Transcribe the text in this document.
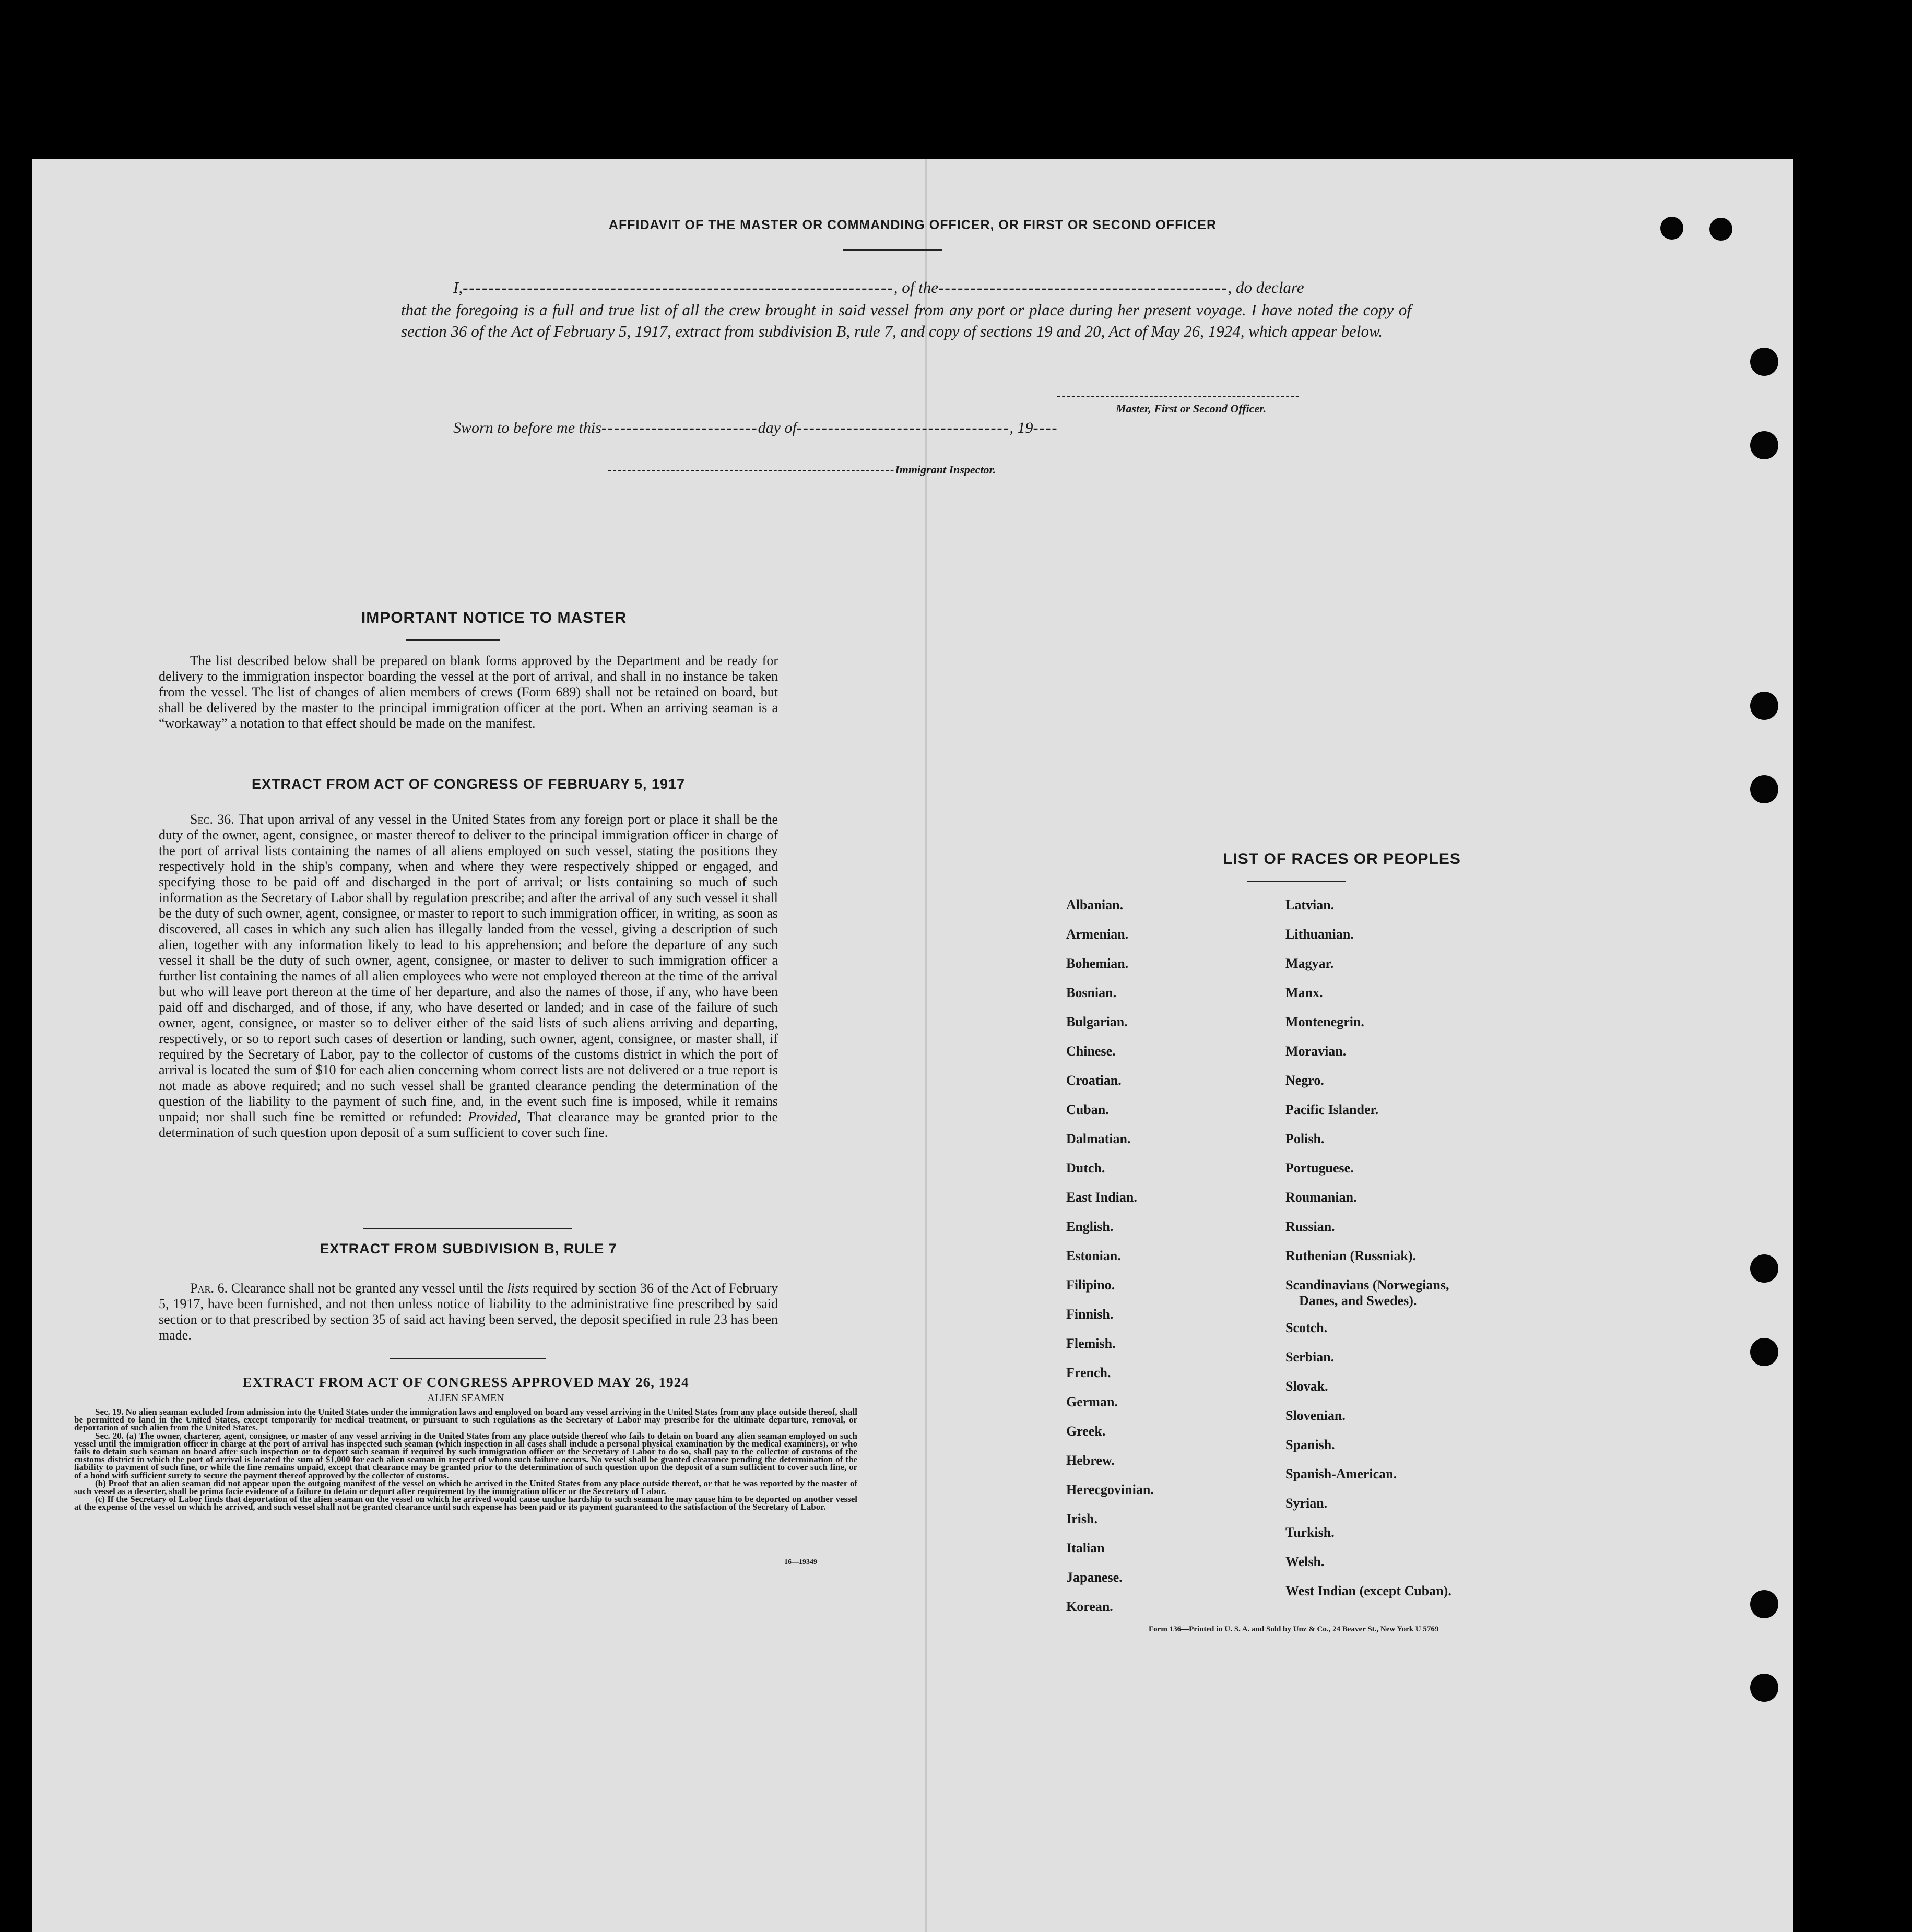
AFFIDAVIT OF THE MASTER OR COMMANDING OFFICER, OR FIRST OR SECOND OFFICER
I,-------------------------------------------------------------------, of the---------------------------------------------, do declare

that the foregoing is a full and true list of all the crew brought in said vessel from any port or place during her present voyage. I have noted the copy of section 36 of the Act of February 5, 1917, extract from subdivision B, rule 7, and copy of sections 19 and 20, Act of May 26, 1924, which appear below.

--------------------------------------------------
Master, First or Second Officer.
Sworn to before me this-------------------------day of----------------------------------, 19----
-----------------------------------------------------------Immigrant Inspector.
IMPORTANT NOTICE TO MASTER

The list described below shall be prepared on blank forms approved by the Department and be ready for delivery to the immigration inspector boarding the vessel at the port of arrival, and shall in no instance be taken from the vessel. The list of changes of alien members of crews (Form 689) shall not be retained on board, but shall be delivered by the master to the principal immigration officer at the port. When an arriving seaman is a “workaway” a notation to that effect should be made on the manifest.

EXTRACT FROM ACT OF CONGRESS OF FEBRUARY 5, 1917

Sec. 36. That upon arrival of any vessel in the United States from any foreign port or place it shall be the duty of the owner, agent, consignee, or master thereof to deliver to the principal immigration officer in charge of the port of arrival lists containing the names of all aliens employed on such vessel, stating the positions they respectively hold in the ship's company, when and where they were respectively shipped or engaged, and specifying those to be paid off and discharged in the port of arrival; or lists containing so much of such information as the Secretary of Labor shall by regulation prescribe; and after the arrival of any such vessel it shall be the duty of such owner, agent, consignee, or master to report to such immigration officer, in writing, as soon as discovered, all cases in which any such alien has illegally landed from the vessel, giving a description of such alien, together with any information likely to lead to his apprehension; and before the departure of any such vessel it shall be the duty of such owner, agent, consignee, or master to deliver to such immigration officer a further list containing the names of all alien employees who were not employed thereon at the time of the arrival but who will leave port thereon at the time of her departure, and also the names of those, if any, who have been paid off and discharged, and of those, if any, who have deserted or landed; and in case of the failure of such owner, agent, consignee, or master so to deliver either of the said lists of such aliens arriving and departing, respectively, or so to report such cases of desertion or landing, such owner, agent, consignee, or master shall, if required by the Secretary of Labor, pay to the collector of customs of the customs district in which the port of arrival is located the sum of $10 for each alien concerning whom correct lists are not delivered or a true report is not made as above required; and no such vessel shall be granted clearance pending the determination of the question of the liability to the payment of such fine, and, in the event such fine is imposed, while it remains unpaid; nor shall such fine be remitted or refunded: Provided, That clearance may be granted prior to the determination of such question upon deposit of a sum sufficient to cover such fine.

EXTRACT FROM SUBDIVISION B, RULE 7

Par. 6. Clearance shall not be granted any vessel until the lists required by section 36 of the Act of February 5, 1917, have been furnished, and not then unless notice of liability to the administrative fine prescribed by said section or to that prescribed by section 35 of said act having been served, the deposit specified in rule 23 has been made.

EXTRACT FROM ACT OF CONGRESS APPROVED MAY 26, 1924
ALIEN SEAMEN

Sec. 19. No alien seaman excluded from admission into the United States under the immigration laws and employed on board any vessel arriving in the United States from any place outside thereof, shall be permitted to land in the United States, except temporarily for medical treatment, or pursuant to such regulations as the Secretary of Labor may prescribe for the ultimate departure, removal, or deportation of such alien from the United States.

Sec. 20. (a) The owner, charterer, agent, consignee, or master of any vessel arriving in the United States from any place outside thereof who fails to detain on board any alien seaman employed on such vessel until the immigration officer in charge at the port of arrival has inspected such seaman (which inspection in all cases shall include a personal physical examination by the medical examiners), or who fails to detain such seaman on board after such inspection or to deport such seaman if required by such immigration officer or the Secretary of Labor to do so, shall pay to the collector of customs of the customs district in which the port of arrival is located the sum of $1,000 for each alien seaman in respect of whom such failure occurs. No vessel shall be granted clearance pending the determination of the liability to payment of such fine, or while the fine remains unpaid, except that clearance may be granted prior to the determination of such question upon the deposit of a sum sufficient to cover such fine, or of a bond with sufficient surety to secure the payment thereof approved by the collector of customs.

(b) Proof that an alien seaman did not appear upon the outgoing manifest of the vessel on which he arrived in the United States from any place outside thereof, or that he was reported by the master of such vessel as a deserter, shall be prima facie evidence of a failure to detain or deport after requirement by the immigration officer or the Secretary of Labor.

(c) If the Secretary of Labor finds that deportation of the alien seaman on the vessel on which he arrived would cause undue hardship to such seaman he may cause him to be deported on another vessel at the expense of the vessel on which he arrived, and such vessel shall not be granted clearance until such expense has been paid or its payment guaranteed to the satisfaction of the Secretary of Labor.

16—19349
LIST OF RACES OR PEOPLES
Albanian.
Armenian.
Bohemian.
Bosnian.
Bulgarian.
Chinese.
Croatian.
Cuban.
Dalmatian.
Dutch.
East Indian.
English.
Estonian.
Filipino.
Finnish.
Flemish.
French.
German.
Greek.
Hebrew.
Herecgovinian.
Irish.
Italian
Japanese.
Korean.
Latvian.
Lithuanian.
Magyar.
Manx.
Montenegrin.
Moravian.
Negro.
Pacific Islander.
Polish.
Portuguese.
Roumanian.
Russian.
Ruthenian (Russniak).
Scandinavians (Norwegians,
Danes, and Swedes).
Scotch.
Serbian.
Slovak.
Slovenian.
Spanish.
Spanish-American.
Syrian.
Turkish.
Welsh.
West Indian (except Cuban).
Form 136—Printed in U. S. A. and Sold by Unz & Co., 24 Beaver St., New York U 5769
